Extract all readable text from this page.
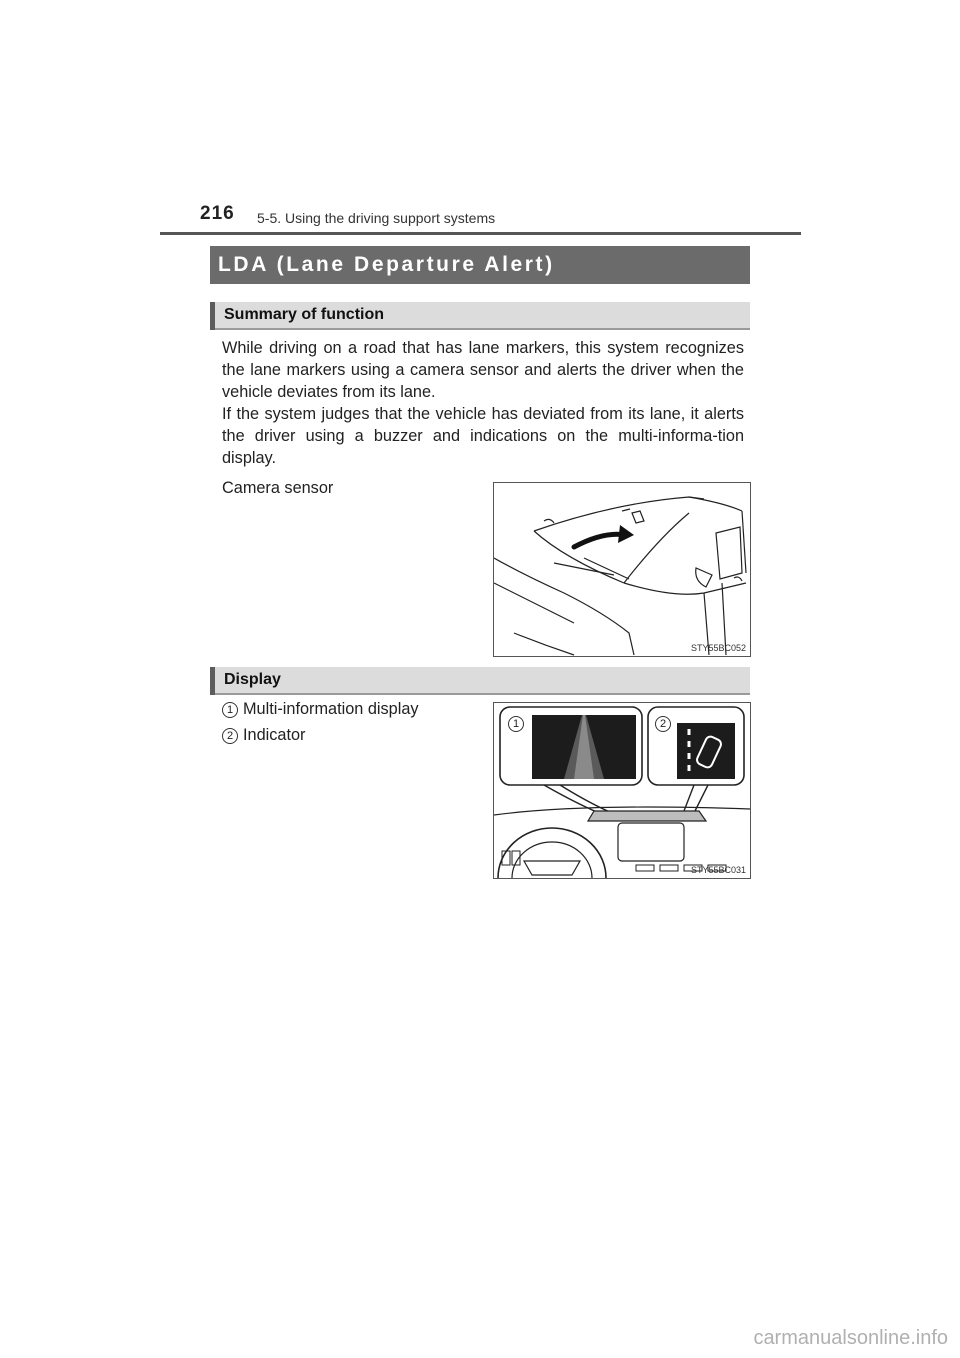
216 5-5. Using the driving support systems
LDA (Lane Departure Alert)
Summary of function
While driving on a road that has lane markers, this system recognizes the lane markers using a camera sensor and alerts the driver when the vehicle deviates from its lane.
If the system judges that the vehicle has deviated from its lane, it alerts the driver using a buzzer and indications on the multi-informa-tion display.
Camera sensor
STY55BC052
Display
1 Multi-information display
2 Indicator
1	2
STY55BC031
carmanualsonline.info
